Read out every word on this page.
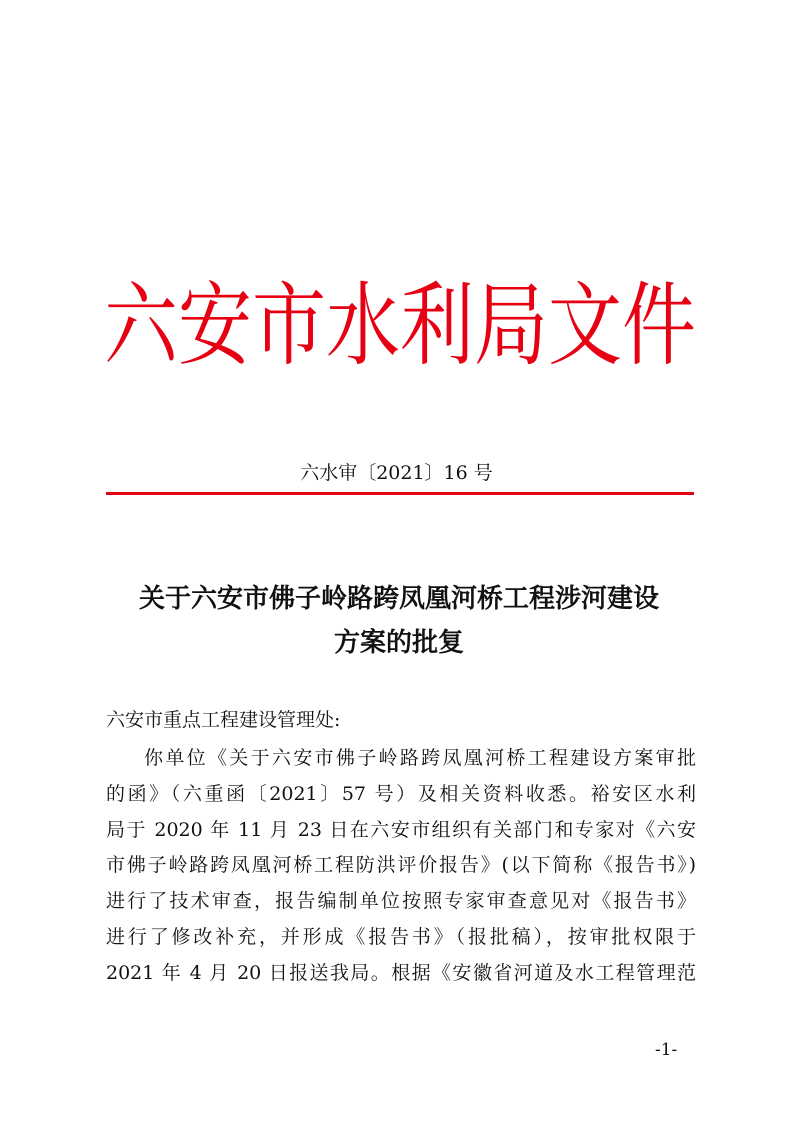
六 安 市 水 利 局 文 件
六水审〔2021〕16 号
关于六安市佛子岭路跨凤凰河桥工程涉河建设
方案的批复
六安市重点工程建设管理处:
你单位《关于六安市佛子岭路跨凤凰河桥工程建设方案审批
的函》（六重函〔2021〕57 号）及相关资料收悉。裕安区水利
局于 2020 年 11 月 23 日在六安市组织有关部门和专家对《六安
市佛子岭路跨凤凰河桥工程防洪评价报告》(以下简称《报告书》)
进行了技术审查，报告编制单位按照专家审查意见对《报告书》
进行了修改补充，并形成《报告书》（报批稿），按审批权限于
2021 年 4 月 20 日报送我局。根据《安徽省河道及水工程管理范
-1-
